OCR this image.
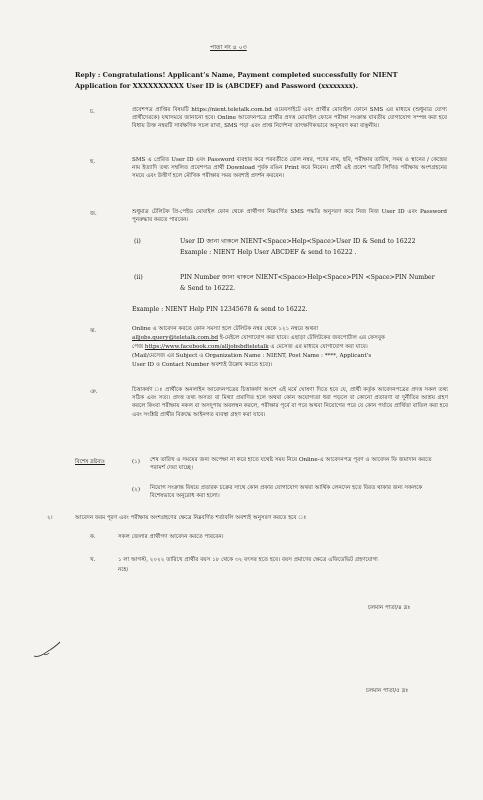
পাতা নং ৪ ০৩
Reply : Congratulations! Applicant’s Name, Payment completed successfully for NIENT Application for XXXXXXXXXX User ID is (ABCDEF) and Password (xxxxxxxx).
চ.	প্রবেশপত্র প্রাপ্তির বিষয়টি https://nient.teletalk.com.bd ওয়েবসাইটে এবং প্রার্থীর মোবাইল ফোনে SMS এর মাধ্যমে (শুধুমাত্র যোগ্য প্রার্থীদেরকে) যথাসময়ে জানানো হবে। Online আবেদনপত্রে প্রার্থীর প্রদত্ত মোবাইল ফোনে পরীক্ষা সংক্রান্ত যাবতীয় যোগাযোগ সম্পন্ন করা হবে বিধায় উক্ত নম্বরটি সার্বক্ষণিক সচল রাখা, SMS পড়া এবং প্রাপ্ত নির্দেশনা তাৎক্ষণিকভাবে অনুসরণ করা বাঞ্ছনীয়।
ছ.	SMS এ প্রেরিত User ID এবং Password ব্যবহার করে পরবর্তীতে রোল নম্বর, পদের নাম, ছবি, পরীক্ষার তারিখ, সময় ও স্থানের / কেন্দ্রের নাম ইত্যাদি তথ্য সম্বলিত প্রবেশপত্র প্রার্থী Download পূর্বক রঙিন Print করে নিবেন। প্রার্থী এই প্রবেশ পত্রটি লিখিত পরীক্ষায় অংশগ্রহনের সময়ে এবং উত্তীর্ণ হলে মৌখিক পরীক্ষার সময় অবশ্যই প্রদর্শন করবেন।
জ.	শুধুমাত্র টেলিটক প্রি-পেইড মোবাইল ফোন থেকে প্রার্থীগণ নিম্নবর্ণিত SMS পদ্ধতি অনুসরণ করে নিজ নিজ User ID এবং Password পুনরুদ্ধার করতে পারবেন।
(i)	User ID জানা থাকলে NIENT<Space>Help<Space>User ID & Send to 16222
Example : NIENT Help User ABCDEF & send to 16222 .
(ii)	PIN Number জানা থাকলে NIENT<Space>Help<Space>PIN <Space>PIN Number
& Send to 16222.
Example : NIENT Help PIN 12345678 & send to 16222.
ঝ.	Online এ আবেদন করতে কোন সমস্যা হলে টেলিটক নম্বর থেকে ১২১ নম্বরে অথবা
alljobs.query@teletalk.com.bd ই-মেইলে যোগাযোগ করা যাবে। এছাড়া টেলিটকের জবপোর্টাল এর ফেসবুক
পেজ https://www.facebook.com/alljobsbdteletalk এ মেসেজ এর মাধ্যমে যোগাযোগ করা যাবে।
(Mail/মেসেজ এর Subject এ Organization Name : NIENT, Post Name : ****, Applicant’s
User ID ও Contact Number অবশ্যই উল্লেখ করতে হবে)।
ঞ.	চিত্তাকর্ষণ ঃ প্রার্থীকে অনলাইন আবেদনপত্রের চিত্তাকর্ষণ অংশে এই মর্মে ঘোষণা দিতে হবে যে, প্রার্থী কর্তৃক আবেদনপত্রের প্রদত্ত সকল তথ্য সঠিক এবং সত্য। প্রদত্ত তথ্য অসত্য বা মিথ্যা প্রমাণিত হলে অথবা কোন অযোগ্যতা ধরা পড়লে বা কোনো প্রতারণা বা দুর্নীতির আশ্রয় গ্রহণ করলে কিংবা পরীক্ষায় নকল বা অসদুপায় অবলম্বন করলে, পরীক্ষার পূর্বে বা পরে অথবা নিয়োগের পরে যে কোন পর্যায়ে প্রার্থিতা বাতিল করা হবে এবং সংশ্লিষ্ট প্রার্থীর বিরুদ্ধে আইনগত ব্যবস্থা গ্রহণ করা যাবে।
বিশেষ দ্রষ্টব্যঃ	(১) শেষ তারিখ ও সময়ের জন্য অপেক্ষা না করে হাতে যথেষ্ট সময় নিয়ে Online-এ আবেদনপত্র পূরণ ও আবেদন ফি জমাদান করতে পরামর্শ দেয়া যাচ্ছে।
(২) নিয়োগ সংক্রান্ত বিষয়ে প্রতারক চক্রের সাথে কোন প্রকার যোগাযোগ অথবা আর্থিক লেনদেন হতে বিরত থাকার জন্য সকলকে বিশেষভাবে অনুরোধ করা হলো।
২।	আবেদন ফরম পূরণ এবং পরীক্ষায় অংশগ্রহণের ক্ষেত্রে নিম্নবর্ণিত শর্তাবলি অবশ্যই অনুসরণ করতে হবে ঃ
ক.	সকল জেলার প্রার্থীগণ আবেদন করতে পারবেন।
খ.	১ লা আগস্ট, ২০২২ তারিখে প্রার্থীর বয়স ১৮ থেকে ৩২ বৎসর হতে হবে। বয়স প্রমাণের ক্ষেত্রে এফিডেভিট গ্রহণযোগ্য
নহে।
চলমান পাতা/৪ দ্রঃ
চলমান পাতা/৫ দ্রঃ
